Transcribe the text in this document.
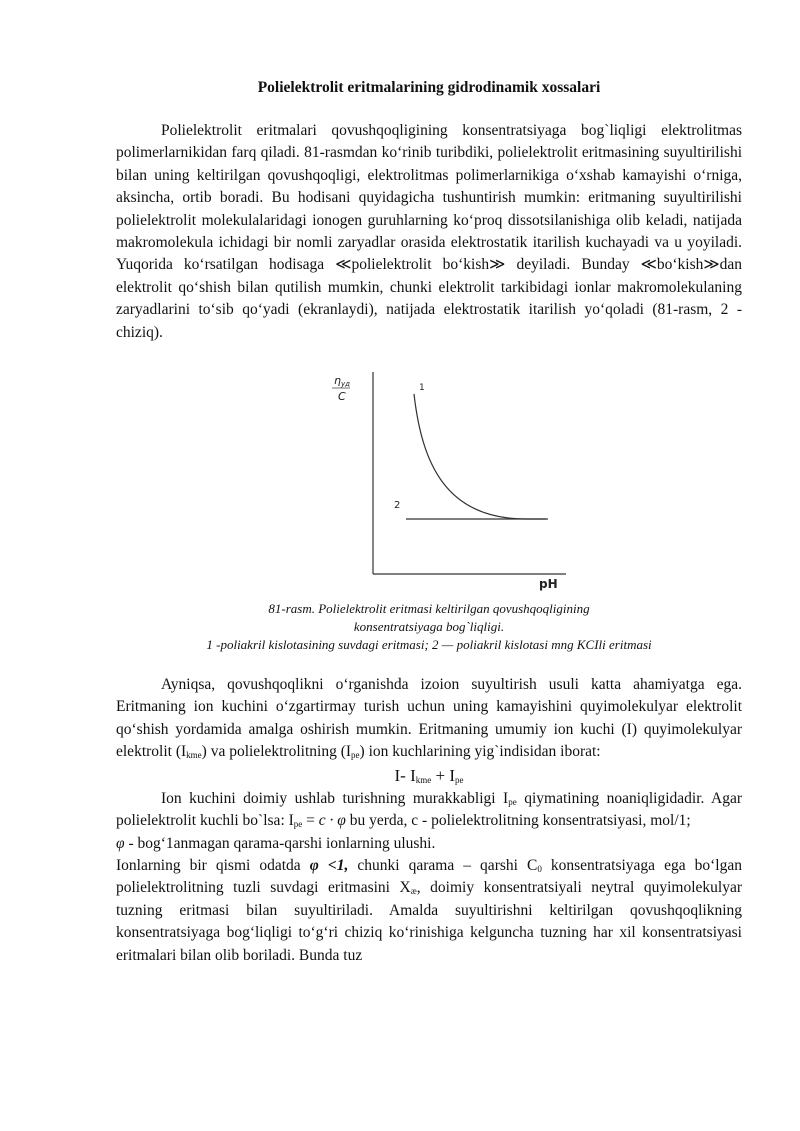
Polielektrolit eritmalarining gidrodinamik xossalari

Polielektrolit eritmalari qovushqoqligining konsentratsiyaga bog`liqligi elektrolitmas polimerlarnikidan farq qiladi. 81-rasmdan koʻrinib turibdiki, polielektrolit eritmasining suyultirilishi bilan uning keltirilgan qovushqoqligi, elektrolitmas polimerlarnikiga oʻxshab kamayishi oʻrniga, aksincha, ortib boradi. Bu hodisani quyidagicha tushuntirish mumkin: eritmaning suyultirilishi polielektrolit molekulalaridagi ionogen guruhlarning koʻproq dissotsilanishiga olib keladi, natijada makromolekula ichidagi bir nomli zaryadlar orasida elektrostatik itarilish kuchayadi va u yoyiladi. Yuqorida koʻrsatilgan hodisaga ≪polielektrolit boʻkish≫ deyiladi. Bunday ≪boʻkish≫dan elektrolit qoʻshish bilan qutilish mumkin, chunki elektrolit tarkibidagi ionlar makromolekulaning zaryadlarini toʻsib qoʻyadi (ekranlaydi), natijada elektrostatik itarilish yoʻqoladi (81-rasm, 2 - chiziq).

ηуд
C
1
2
pH
81-rasm. Polielektrolit eritmasi keltirilgan qovushqoqligining
konsentratsiyaga bog`liqligi.
1 -poliakril kislotasining suvdagi eritmasi; 2 — poliakril kislotasi mng KCIli eritmasi

Ayniqsa, qovushqoqlikni oʻrganishda izoion suyultirish usuli katta ahamiyatga ega. Eritmaning ion kuchini oʻzgartirmay turish uchun uning kamayishini quyimolekulyar elektrolit qoʻshish yordamida amalga oshirish mumkin. Eritmaning umumiy ion kuchi (I) quyimolekulyar elektrolit $(I_{kme})$ va polielektrolitning $(I_{pe})$ ion kuchlarining yig`indisidan iborat:

I- $I_{kme} + I_{pe}$

Ion kuchini doimiy ushlab turishning murakkabligi $I_{pe}$ qiymatining noaniqligidadir. Agar polielektrolit kuchli bo`lsa: $I_{pe} = c \cdot \varphi$ bu yerda, c - polielektrolitning konsentratsiyasi, mol/1;

φ - bog‘1anmagan qarama-qarshi ionlarning ulushi.

Ionlarning bir qismi odatda φ <1, chunki qarama – qarshi $C_0$ konsentratsiyaga ega boʻlgan polielektrolitning tuzli suvdagi eritmasini $X_æ$, doimiy konsentratsiyali neytral quyimolekulyar tuzning eritmasi bilan suyultiriladi. Amalda suyultirishni keltirilgan qovushqoqlikning konsentratsiyaga bogʻliqligi toʻgʻri chiziq koʻrinishiga kelguncha tuzning har xil konsentratsiyasi eritmalari bilan olib boriladi. Bunda tuz
